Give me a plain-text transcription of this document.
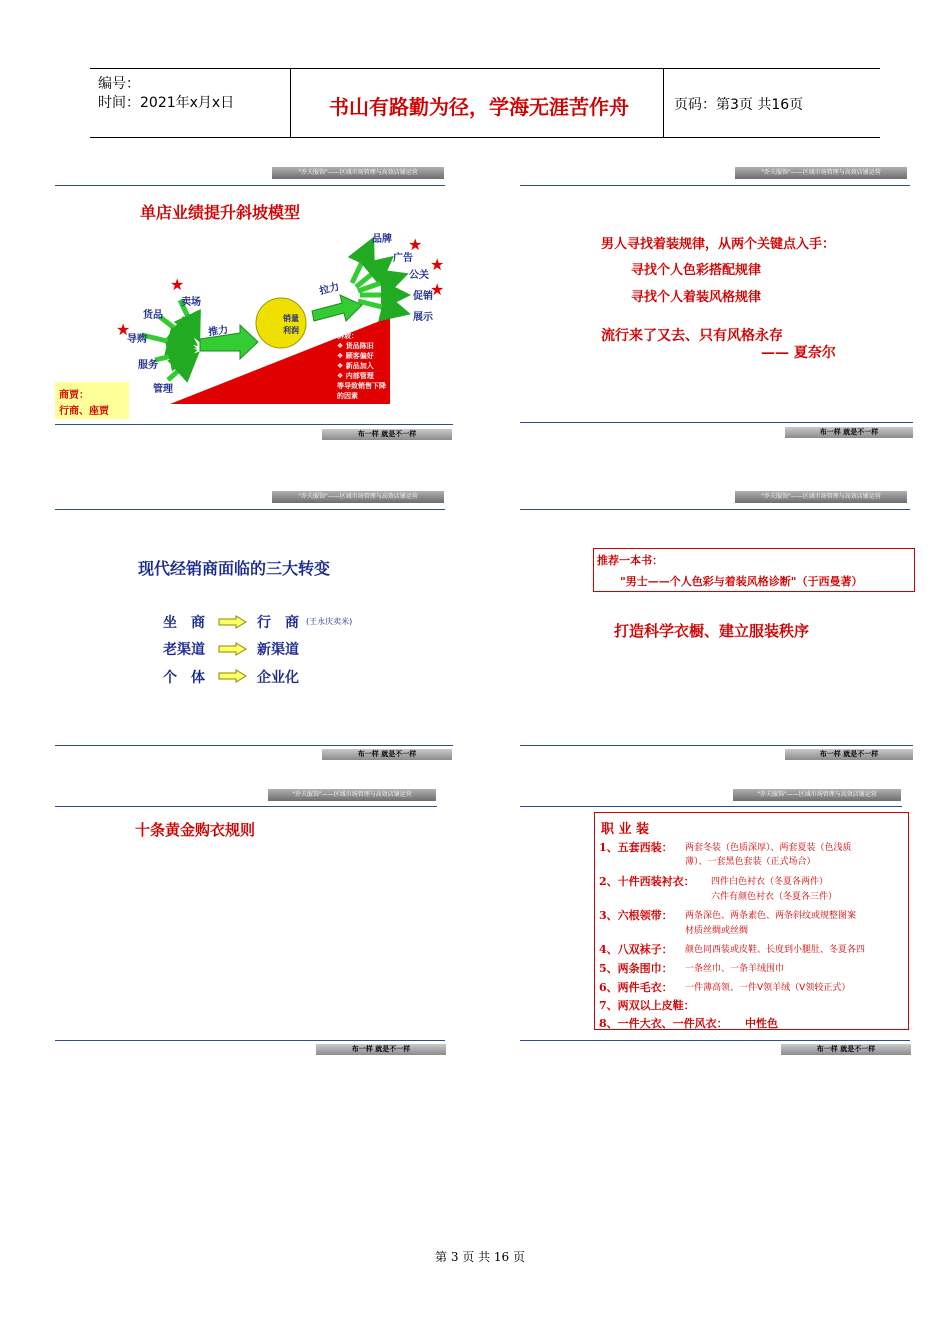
编号：
时间：2021年x月x日	书山有路勤为径，学海无涯苦作舟	页码：第3页 共16页
"乔夫服饰"——区域市场管理与高效店铺运营
单店业绩提升斜坡模型
★
★
★
★
★
卖场
货品
导购
服务
管理
推力
销量
利润
拉力
品牌
广告
公关
促销
展示
斜坡：
❖ 货品陈旧
❖ 顾客偏好
❖ 新品加入
❖ 内部管理
等导致销售下降的因素
商贾：
行商、座贾
布一样 就是不一样
"乔夫服饰"——区域市场管理与高效店铺运营
男人寻找着装规律，从两个关键点入手：
寻找个人色彩搭配规律
寻找个人着装风格规律
流行来了又去、只有风格永存
—— 夏奈尔
布一样 就是不一样
"乔夫服饰"——区域市场管理与高效店铺运营
现代经销商面临的三大转变
坐　商	行　商 (王永庆卖米)
老渠道	新渠道
个　体	企业化
布一样 就是不一样
"乔夫服饰"——区域市场管理与高效店铺运营
推荐一本书：
"男士——个人色彩与着装风格诊断"（于西曼著）
打造科学衣橱、建立服装秩序
布一样 就是不一样
"乔夫服饰"——区域市场管理与高效店铺运营
十条黄金购衣规则
布一样 就是不一样
"乔夫服饰"——区域市场管理与高效店铺运营
职 业 装
1、五套西装： 两套冬装（色质深厚）、两套夏装（色浅质
薄）、一套黑色套装（正式场合）
2、十件西装衬衣： 四件白色衬衣（冬夏各两件）
六件有颜色衬衣（冬夏各三件）
3、六根领带： 两条深色、两条素色、两条斜纹或规整图案
材质丝绸或丝绸
4、八双袜子： 颜色同西装或皮鞋、长度到小腿肚、冬夏各四
5、两条围巾： 一条丝巾、一条羊绒围巾
6、两件毛衣： 一件薄高领、一件V领羊绒（V领较正式）
7、两双以上皮鞋：
8、一件大衣、一件风衣： 中性色
布一样 就是不一样
第 3 页 共 16 页
